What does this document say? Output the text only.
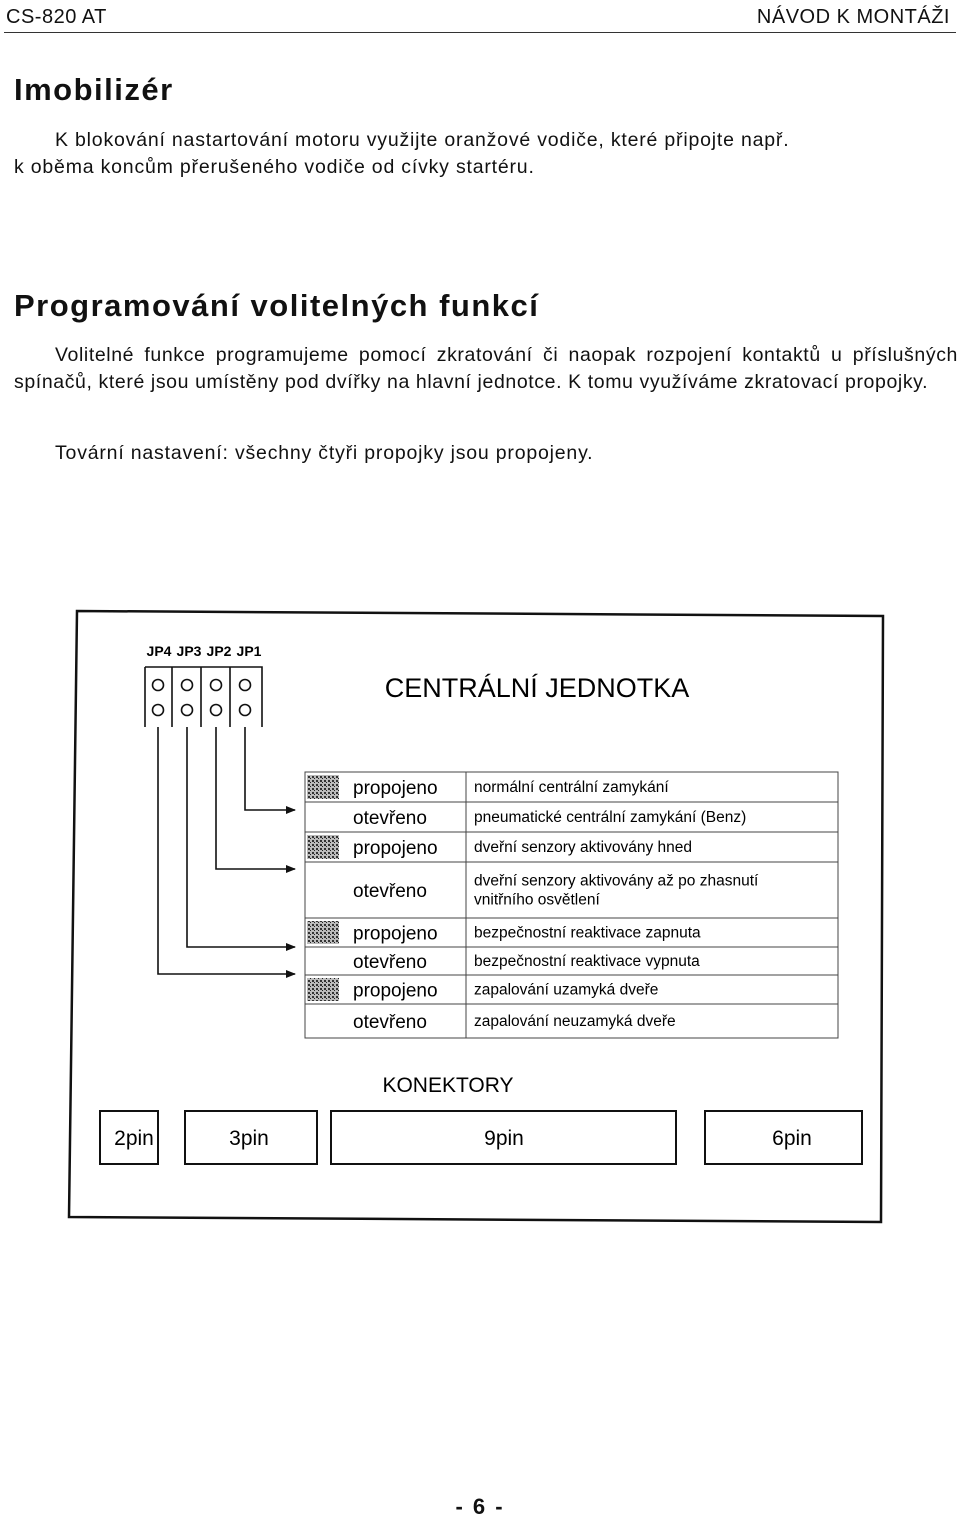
CS-820 AT	NÁVOD K MONTÁŽI
Imobilizér

K blokování nastartování motoru využijte oranžové vodiče, které připojte např.
k oběma koncům přerušeného vodiče od cívky startéru.

Programování volitelných funkcí

Volitelné funkce programujeme pomocí zkratování či naopak rozpojení kontaktů u příslušných spínačů, které jsou umístěny pod dvířky na hlavní jednotce. K tomu využíváme zkratovací propojky.

Tovární nastavení: všechny čtyři propojky jsou propojeny.

JP4 JP3 JP2 JP1
CENTRÁLNÍ JEDNOTKA
propojeno normální centrální zamykání
otevřeno	pneumatické centrální zamykání (Benz)
propojeno dveřní senzory aktivovány hned
otevřeno	dveřní senzory aktivovány až po zhasnutí
vnitřního osvětlení
propojeno bezpečnostní reaktivace zapnuta
otevřeno	bezpečnostní reaktivace vypnuta
propojeno zapalování uzamyká dveře
otevřeno	zapalování neuzamyká dveře
KONEKTORY
2pin	3pin	9pin	6pin
- 6 -
